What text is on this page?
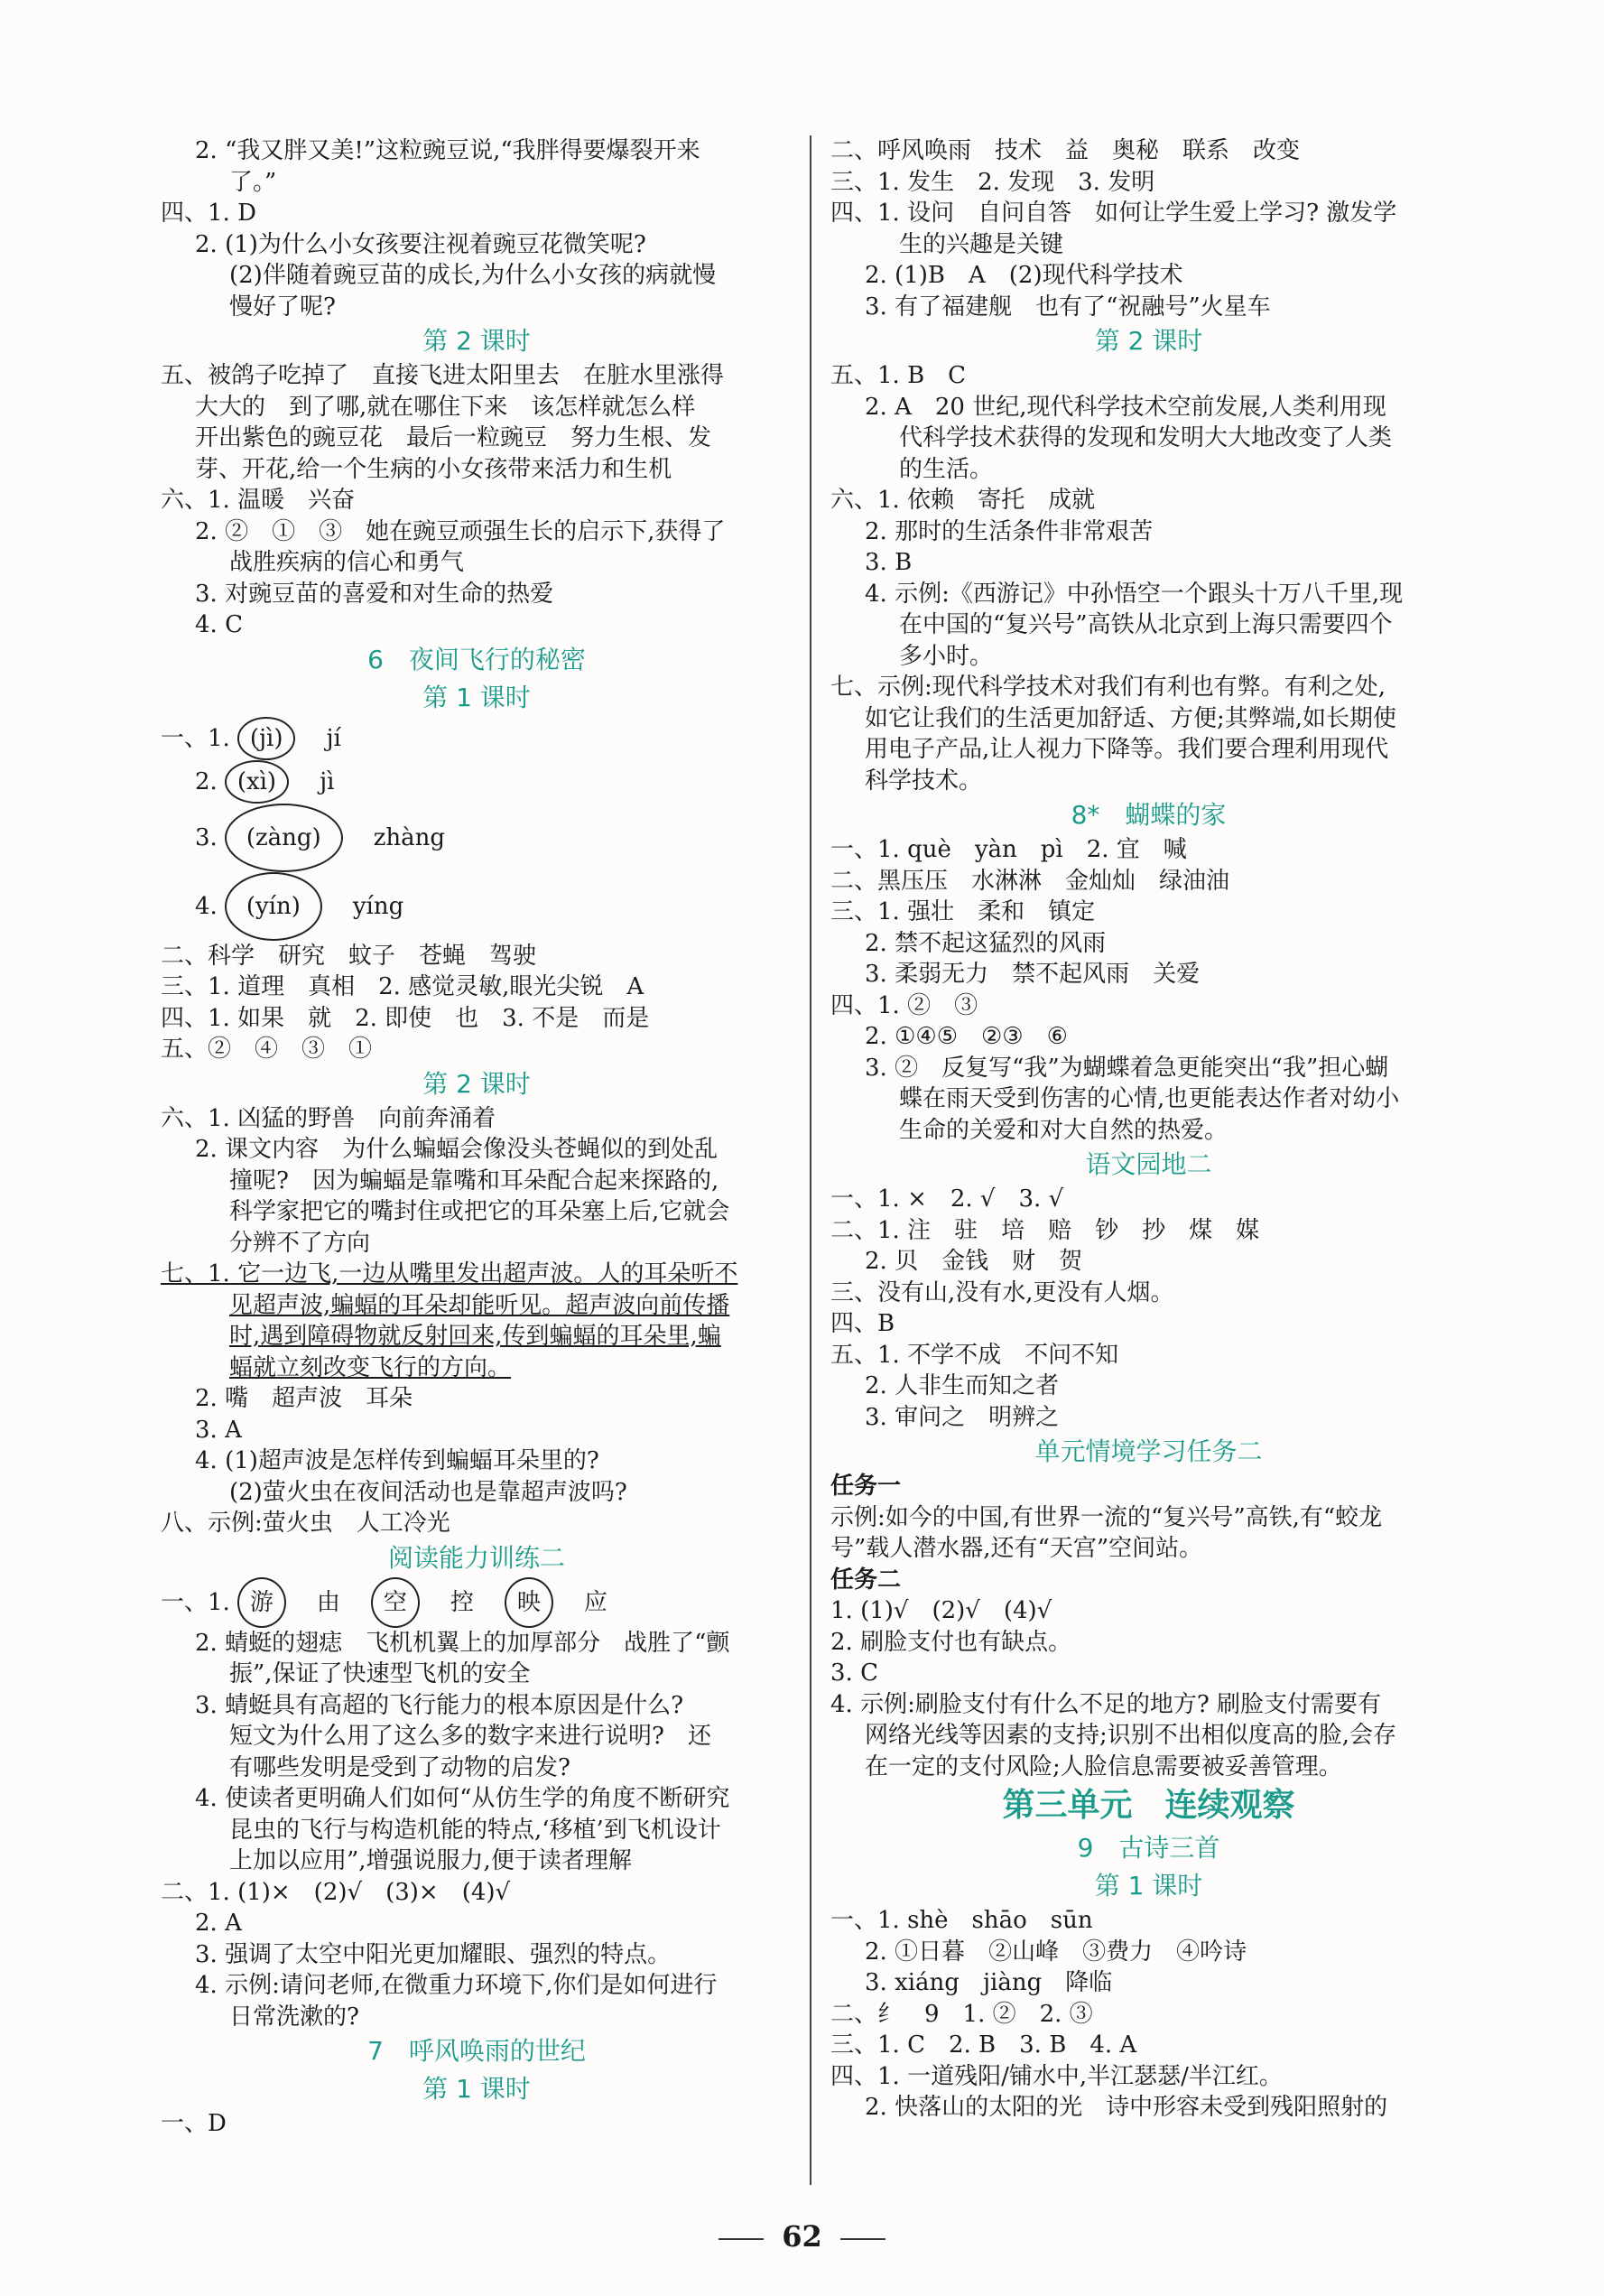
2. “我又胖又美!”这粒豌豆说,“我胖得要爆裂开来
了。”
四、1. D
2. (1)为什么小女孩要注视着豌豆花微笑呢?
(2)伴随着豌豆苗的成长,为什么小女孩的病就慢
慢好了呢?
第 2 课时
五、被鸽子吃掉了　直接飞进太阳里去　在脏水里涨得
大大的　到了哪,就在哪住下来　该怎样就怎么样
开出紫色的豌豆花　最后一粒豌豆　努力生根、发
芽、开花,给一个生病的小女孩带来活力和生机
六、1. 温暖　兴奋
2. ②　①　③　她在豌豆顽强生长的启示下,获得了
战胜疾病的信心和勇气
3. 对豌豆苗的喜爱和对生命的热爱
4. C
6　夜间飞行的秘密
第 1 课时
一、1. (jì)　jí
2. (xì)　jì
3. (zàng)　zhàng
4. (yín)　yíng
二、科学　研究　蚊子　苍蝇　驾驶
三、1. 道理　真相　2. 感觉灵敏,眼光尖锐　A
四、1. 如果　就　2. 即使　也　3. 不是　而是
五、②　④　③　①
第 2 课时
六、1. 凶猛的野兽　向前奔涌着
2. 课文内容　为什么蝙蝠会像没头苍蝇似的到处乱
撞呢?　因为蝙蝠是靠嘴和耳朵配合起来探路的,
科学家把它的嘴封住或把它的耳朵塞上后,它就会
分辨不了方向
七、1. 它一边飞,一边从嘴里发出超声波。人的耳朵听不
见超声波,蝙蝠的耳朵却能听见。超声波向前传播
时,遇到障碍物就反射回来,传到蝙蝠的耳朵里,蝙
蝠就立刻改变飞行的方向。
2. 嘴　超声波　耳朵
3. A
4. (1)超声波是怎样传到蝙蝠耳朵里的?
(2)萤火虫在夜间活动也是靠超声波吗?
八、示例:萤火虫　人工冷光
阅读能力训练二
一、1. 游　由　空　控　映　应　
2. 蜻蜓的翅痣　飞机机翼上的加厚部分　战胜了“颤
振”,保证了快速型飞机的安全
3. 蜻蜓具有高超的飞行能力的根本原因是什么?
短文为什么用了这么多的数字来进行说明?　还
有哪些发明是受到了动物的启发?
4. 使读者更明确人们如何“从仿生学的角度不断研究
昆虫的飞行与构造机能的特点,‘移植’到飞机设计
上加以应用”,增强说服力,便于读者理解
二、1. (1)×　(2)√　(3)×　(4)√
2. A
3. 强调了太空中阳光更加耀眼、强烈的特点。
4. 示例:请问老师,在微重力环境下,你们是如何进行
日常洗漱的?
7　呼风唤雨的世纪
第 1 课时
一、D
二、呼风唤雨　技术　益　奥秘　联系　改变
三、1. 发生　2. 发现　3. 发明
四、1. 设问　自问自答　如何让学生爱上学习? 激发学
生的兴趣是关键
2. (1)B　A　(2)现代科学技术
3. 有了福建舰　也有了“祝融号”火星车
第 2 课时
五、1. B　C
2. A　20 世纪,现代科学技术空前发展,人类利用现
代科学技术获得的发现和发明大大地改变了人类
的生活。
六、1. 依赖　寄托　成就
2. 那时的生活条件非常艰苦
3. B
4. 示例:《西游记》中孙悟空一个跟头十万八千里,现
在中国的“复兴号”高铁从北京到上海只需要四个
多小时。
七、示例:现代科学技术对我们有利也有弊。有利之处,
如它让我们的生活更加舒适、方便;其弊端,如长期使
用电子产品,让人视力下降等。我们要合理利用现代
科学技术。
8*　蝴蝶的家
一、1. què　yàn　pì　2. 宜　喊
二、黑压压　水淋淋　金灿灿　绿油油
三、1. 强壮　柔和　镇定
2. 禁不起这猛烈的风雨
3. 柔弱无力　禁不起风雨　关爱
四、1. ②　③
2. ①④⑤　②③　⑥
3. ②　反复写“我”为蝴蝶着急更能突出“我”担心蝴
蝶在雨天受到伤害的心情,也更能表达作者对幼小
生命的关爱和对大自然的热爱。
语文园地二
一、1. ×　2. √　3. √
二、1. 注　驻　培　赔　钞　抄　煤　媒
2. 贝　金钱　财　贺
三、没有山,没有水,更没有人烟。
四、B
五、1. 不学不成　不问不知
2. 人非生而知之者
3. 审问之　明辨之
单元情境学习任务二
任务一
示例:如今的中国,有世界一流的“复兴号”高铁,有“蛟龙
号”载人潜水器,还有“天宫”空间站。
任务二
1. (1)√　(2)√　(4)√
2. 刷脸支付也有缺点。
3. C
4. 示例:刷脸支付有什么不足的地方? 刷脸支付需要有
网络光线等因素的支持;识别不出相似度高的脸,会存
在一定的支付风险;人脸信息需要被妥善管理。
第三单元　连续观察
9　古诗三首
第 1 课时
一、1. shè　shāo　sūn
2. ①日暮　②山峰　③费力　④吟诗
3. xiáng　jiàng　降临
二、纟　9　1. ②　2. ③
三、1. C　2. B　3. B　4. A
四、1. 一道残阳/铺水中,半江瑟瑟/半江红。
2. 快落山的太阳的光　诗中形容未受到残阳照射的
62
